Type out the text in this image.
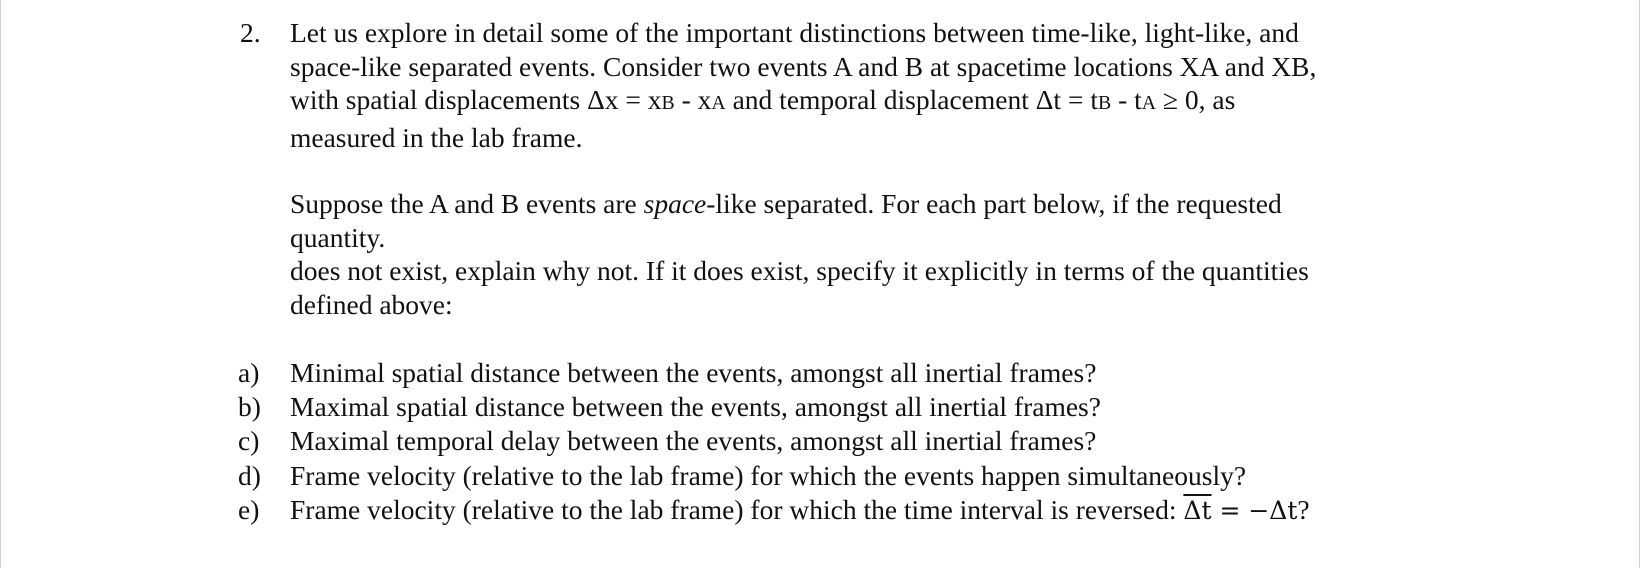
2. Let us explore in detail some of the important distinctions between time-like, light-like, and
space-like separated events. Consider two events A and B at spacetime locations XA and XB,
with spatial displacements Δx = xB - xA and temporal displacement Δt = tB - tA ≥ 0, as
measured in the lab frame.
Suppose the A and B events are space-like separated. For each part below, if the requested
quantity.
does not exist, explain why not. If it does exist, specify it explicitly in terms of the quantities
defined above:
a) Minimal spatial distance between the events, amongst all inertial frames?
b) Maximal spatial distance between the events, amongst all inertial frames?
c) Maximal temporal delay between the events, amongst all inertial frames?
d) Frame velocity (relative to the lab frame) for which the events happen simultaneously?
e) Frame velocity (relative to the lab frame) for which the time interval is reversed: $\overline{\Delta t} = -\Delta t$?
